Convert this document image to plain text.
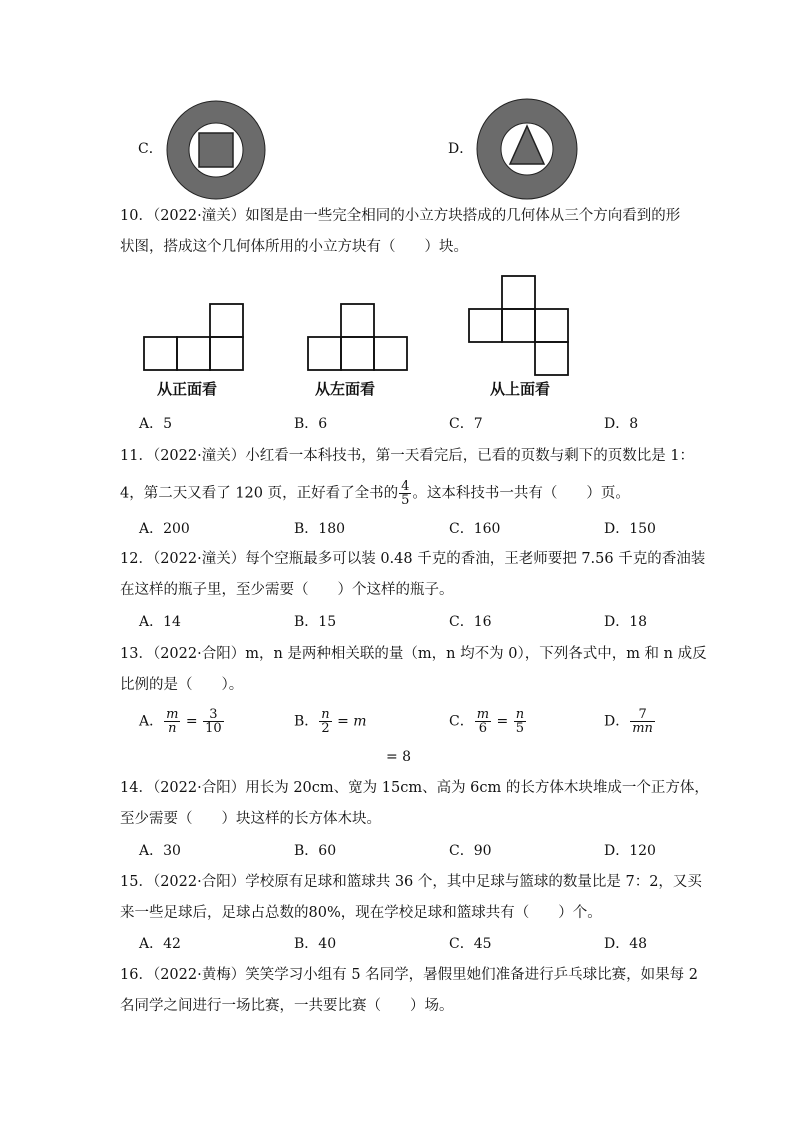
C．	D．
10．（2022·潼关）如图是由一些完全相同的小立方块搭成的几何体从三个方向看到的形
状图，搭成这个几何体所用的小立方块有（　　）块。
从正面看	从左面看	从上面看
A．5	B．6	C．7	D．8
11．（2022·潼关）小红看一本科技书，第一天看完后，已看的页数与剩下的页数比是 1：
4，第二天又看了 120 页，正好看了全书的 $\frac{4}{5}$ 。这本科技书一共有（　　）页。
A．200	B．180	C．160	D．150
12．（2022·潼关）每个空瓶最多可以装 0.48 千克的香油，王老师要把 7.56 千克的香油装
在这样的瓶子里，至少需要（　　）个这样的瓶子。
A．14	B．15	C．16	D．18
13．（2022·合阳）m，n 是两种相关联的量（m，n 均不为 0），下列各式中，m 和 n 成反
比例的是（　　）。
A． $\frac{m}{n} = \frac{3}{10}$	B． $\frac{n}{2} = m$	C． $\frac{m}{6} = \frac{n}{5}$	D． $\frac{7}{mn}$
= 8
14．（2022·合阳）用长为 20cm、宽为 15cm、高为 6cm 的长方体木块堆成一个正方体，
至少需要（　　）块这样的长方体木块。
A．30	B．60	C．90	D．120
15．（2022·合阳）学校原有足球和篮球共 36 个，其中足球与篮球的数量比是 7：2，又买
来一些足球后，足球占总数的80%，现在学校足球和篮球共有（　　）个。
A．42	B．40	C．45	D．48
16．（2022·黄梅）笑笑学习小组有 5 名同学，暑假里她们准备进行乒乓球比赛，如果每 2
名同学之间进行一场比赛，一共要比赛（　　）场。
